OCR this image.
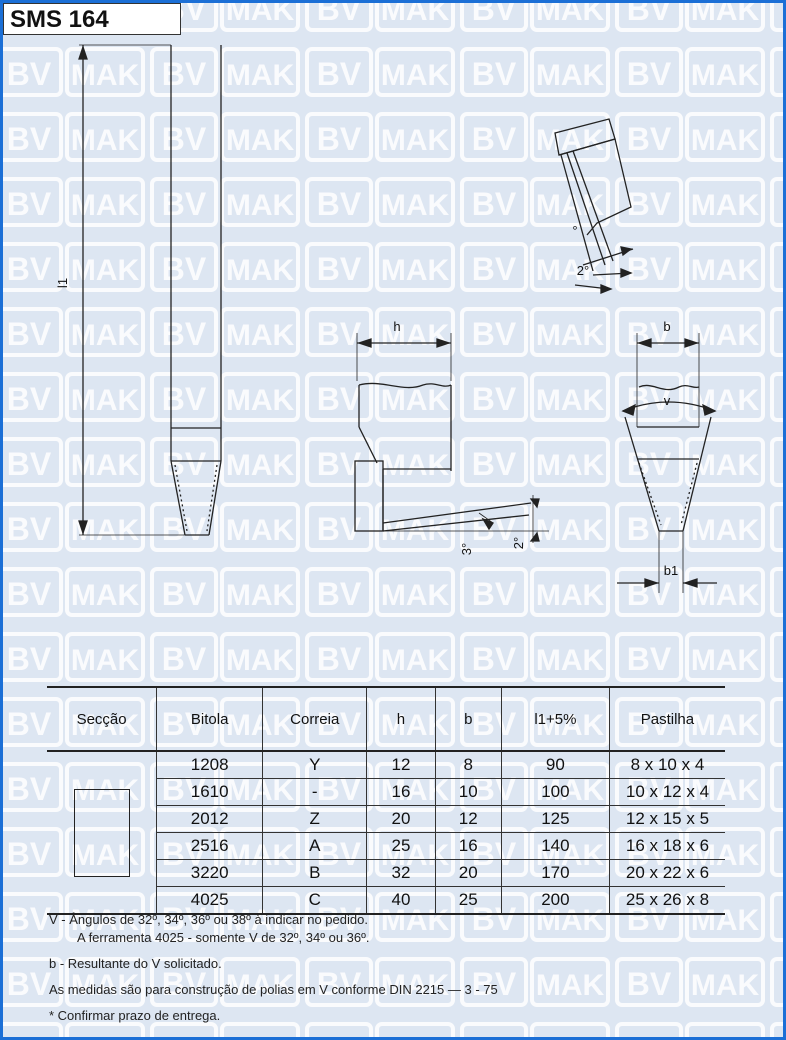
SMS 164
l1
h	b
v
b1
3°	2°
2°
°
Secção	Bitola	Correia	h	b	l1+5%	Pastilha

	1208	Y	12	8	90	8 x 10 x 4
	1610	-	16	10	100	10 x 12 x 4
	2012	Z	20	12	125	12 x 15 x 5
	2516	A	25	16	140	16 x 18 x 6
	3220	B	32	20	170	20 x 22 x 6
	4025	C	40	25	200	25 x 26 x 8

V - Ângulos de 32º, 34º, 36º ou 38º à indicar no pedido.

A ferramenta 4025 - somente V de 32º, 34º ou 36º.

b - Resultante do V solicitado.

As medidas são para construção de polias em V conforme DIN 2215 — 3 - 75

* Confirmar prazo de entrega.
